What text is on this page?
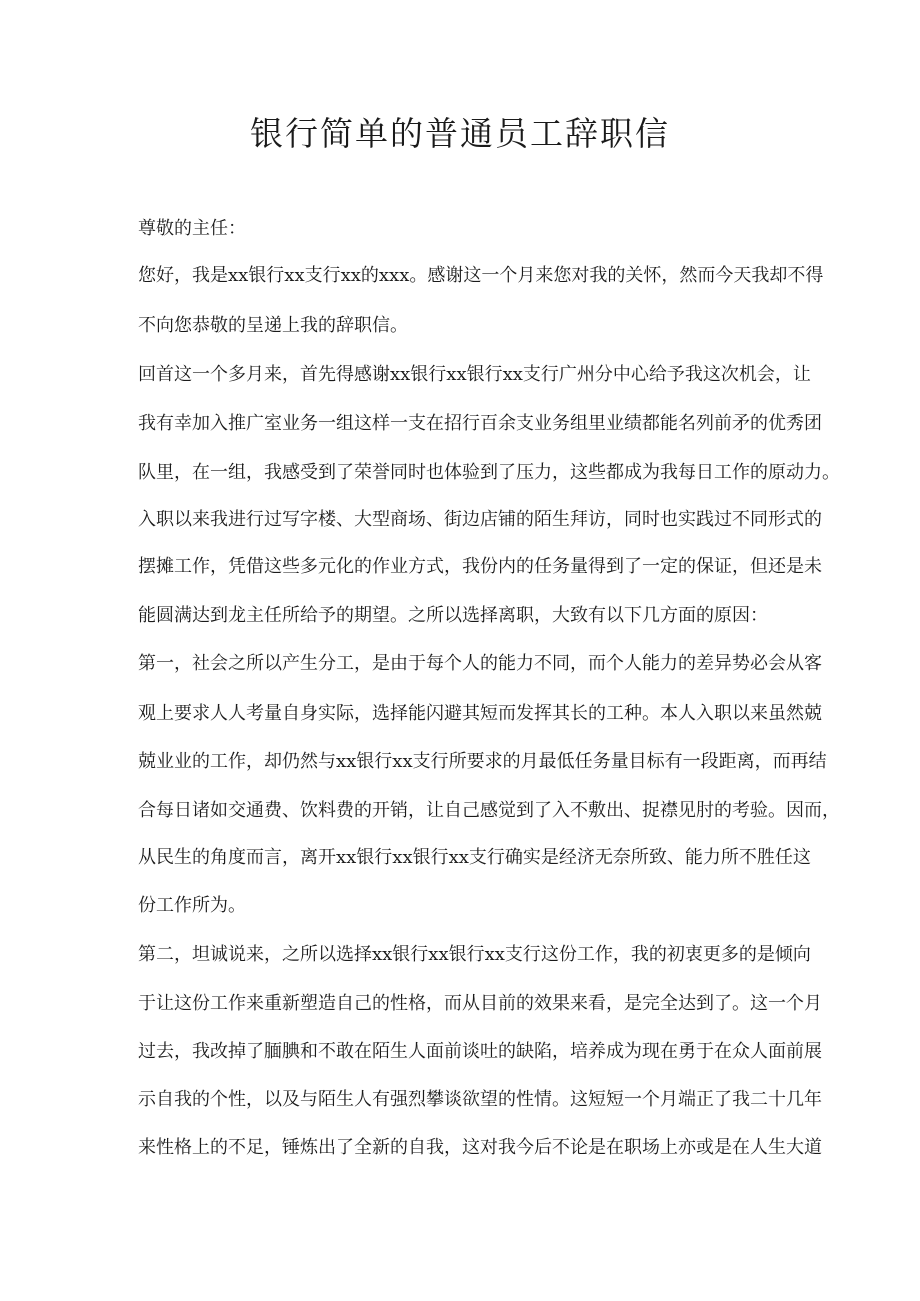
银行简单的普通员工辞职信
尊敬的主任：
您好，我是xx银行xx支行xx的xxx。感谢这一个月来您对我的关怀，然而今天我却不得
不向您恭敬的呈递上我的辞职信。
回首这一个多月来，首先得感谢xx银行xx银行xx支行广州分中心给予我这次机会，让
我有幸加入推广室业务一组这样一支在招行百余支业务组里业绩都能名列前矛的优秀团
队里，在一组，我感受到了荣誉同时也体验到了压力，这些都成为我每日工作的原动力。
入职以来我进行过写字楼、大型商场、街边店铺的陌生拜访，同时也实践过不同形式的
摆摊工作，凭借这些多元化的作业方式，我份内的任务量得到了一定的保证，但还是未
能圆满达到龙主任所给予的期望。之所以选择离职，大致有以下几方面的原因：
第一，社会之所以产生分工，是由于每个人的能力不同，而个人能力的差异势必会从客
观上要求人人考量自身实际，选择能闪避其短而发挥其长的工种。本人入职以来虽然兢
兢业业的工作，却仍然与xx银行xx支行所要求的月最低任务量目标有一段距离，而再结
合每日诸如交通费、饮料费的开销，让自己感觉到了入不敷出、捉襟见肘的考验。因而，
从民生的角度而言，离开xx银行xx银行xx支行确实是经济无奈所致、能力所不胜任这
份工作所为。
第二，坦诚说来，之所以选择xx银行xx银行xx支行这份工作，我的初衷更多的是倾向
于让这份工作来重新塑造自己的性格，而从目前的效果来看，是完全达到了。这一个月
过去，我改掉了腼腆和不敢在陌生人面前谈吐的缺陷，培养成为现在勇于在众人面前展
示自我的个性，以及与陌生人有强烈攀谈欲望的性情。这短短一个月端正了我二十几年
来性格上的不足，锤炼出了全新的自我，这对我今后不论是在职场上亦或是在人生大道
